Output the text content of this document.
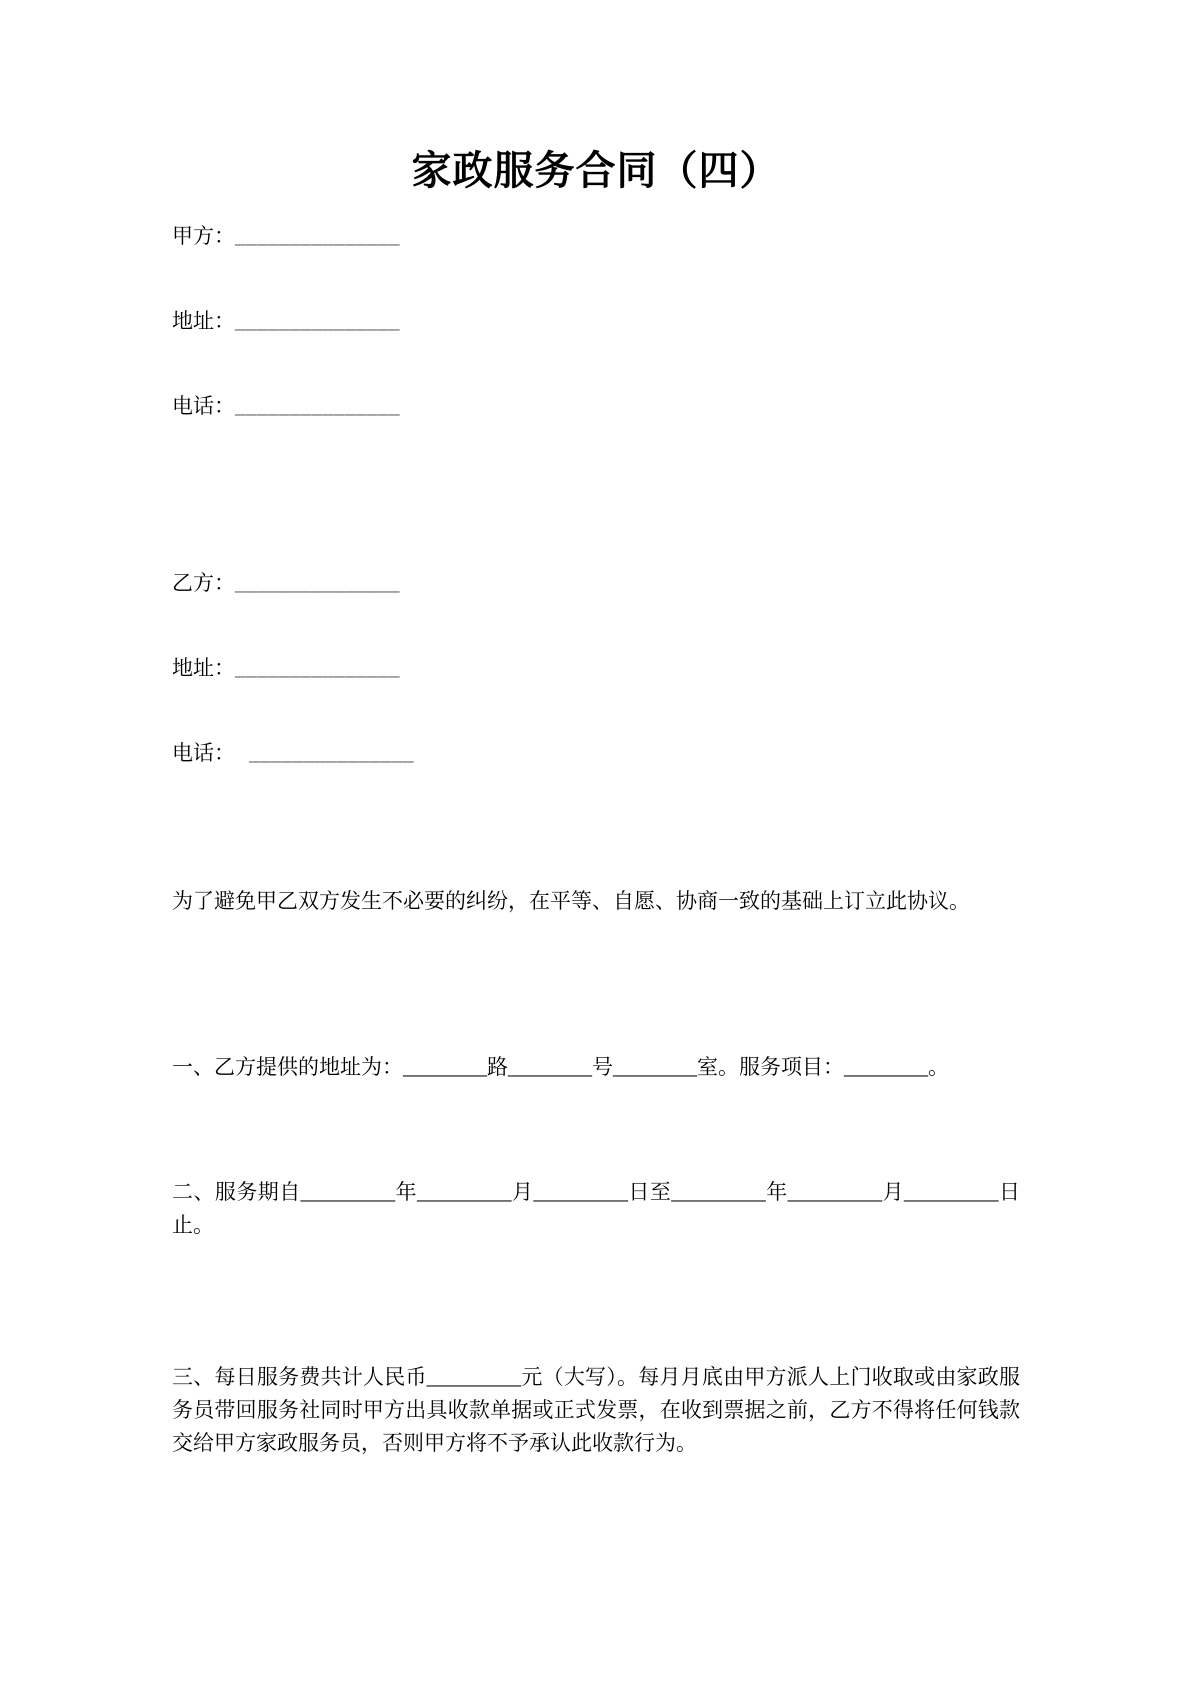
家政服务合同（四）

甲方：_______________

地址：_______________

电话：_______________

乙方：_______________

地址：_______________

电话： _______________

为了避免甲乙双方发生不必要的纠纷，在平等、自愿、协商一致的基础上订立此协议。

一、乙方提供的地址为：________路________号________室。服务项目：________。

二、服务期自_________年_________月_________日至_________年_________月_________日止。

三、每日服务费共计人民币_________元（大写）。每月月底由甲方派人上门收取或由家政服务员带回服务社同时甲方出具收款单据或正式发票，在收到票据之前，乙方不得将任何钱款交给甲方家政服务员，否则甲方将不予承认此收款行为。
